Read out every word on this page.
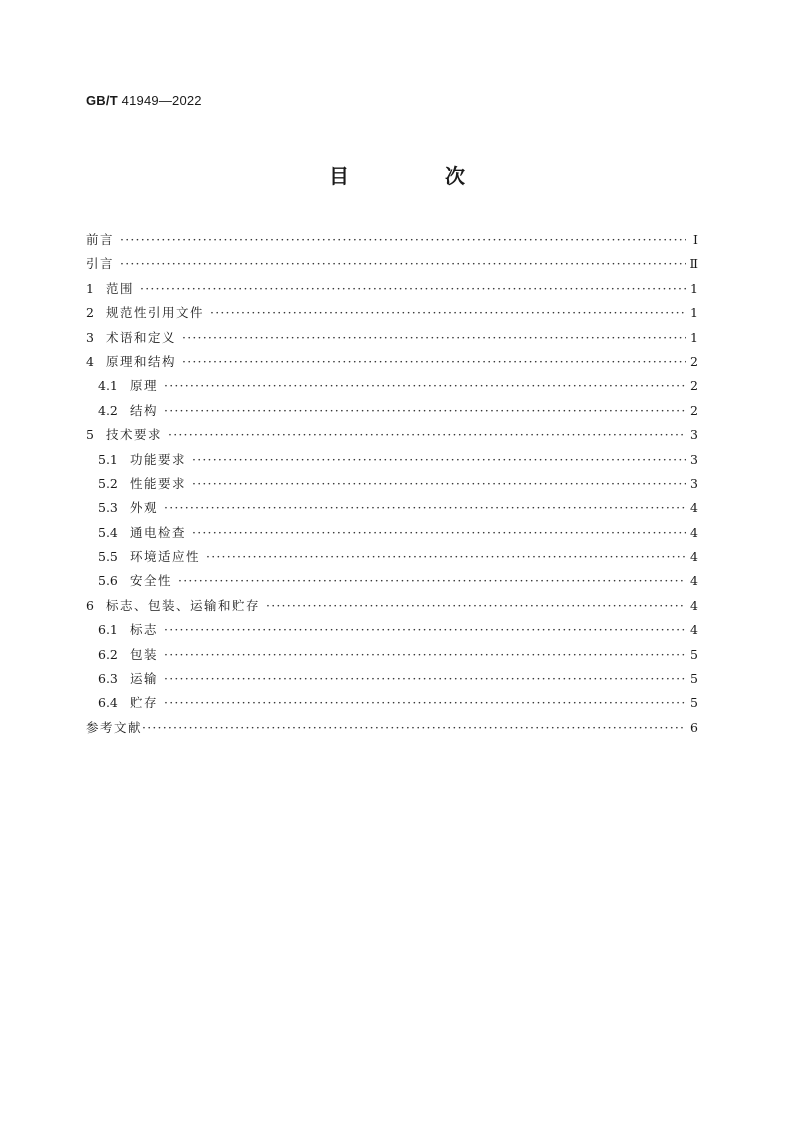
GB/T 41949—2022
目　次
前言 ·····	Ⅰ
引言 ·····	Ⅱ
1 范围 ·····	1
2 规范性引用文件 ·····	1
3 术语和定义 ·····	1
4 原理和结构 ·····	2
4.1 原理 ·····	2
4.2 结构 ·····	2
5 技术要求 ·····	3
5.1 功能要求 ·····	3
5.2 性能要求 ·····	3
5.3 外观 ·····	4
5.4 通电检查 ·····	4
5.5 环境适应性 ·····	4
5.6 安全性 ·····	4
6 标志、包装、运输和贮存 ·····	4
6.1 标志 ·····	4
6.2 包装 ·····	5
6.3 运输 ·····	5
6.4 贮存 ·····	5
参考文献 ·····	6
